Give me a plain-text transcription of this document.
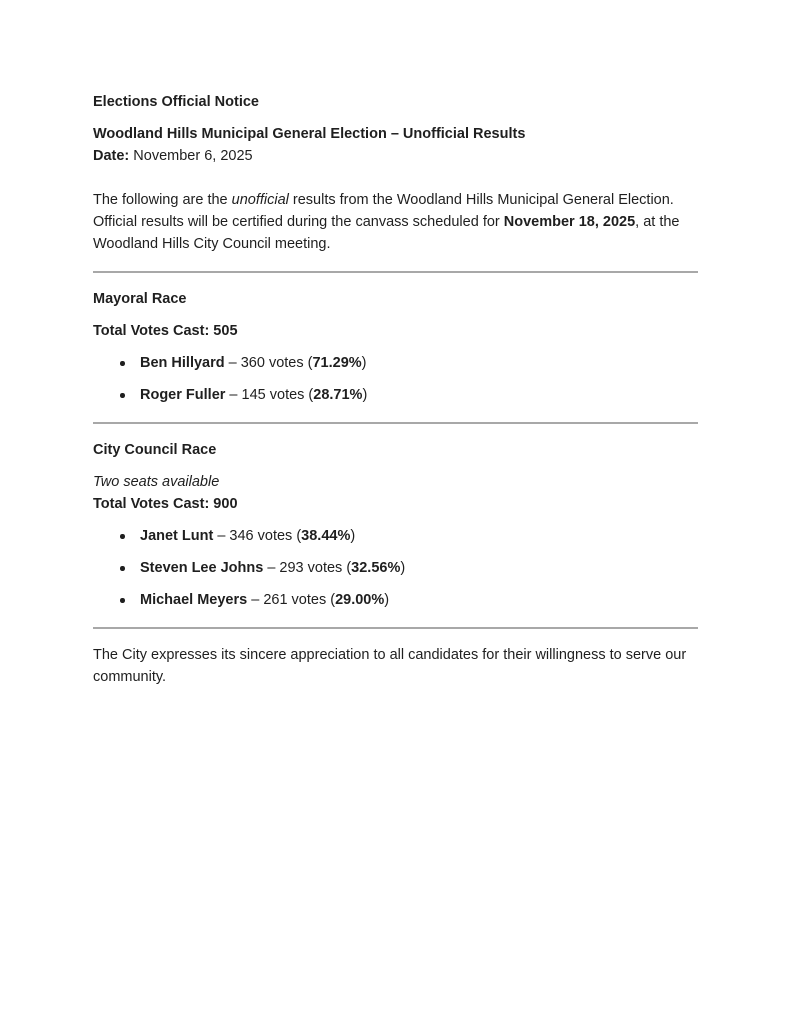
Elections Official Notice

Woodland Hills Municipal General Election – Unofficial Results
Date: November 6, 2025

The following are the unofficial results from the Woodland Hills Municipal General Election. Official results will be certified during the canvass scheduled for November 18, 2025, at the Woodland Hills City Council meeting.

Mayoral Race

Total Votes Cast: 505

Ben Hillyard – 360 votes (71.29%)
Roger Fuller – 145 votes (28.71%)

City Council Race

Two seats available
Total Votes Cast: 900

Janet Lunt – 346 votes (38.44%)
Steven Lee Johns – 293 votes (32.56%)
Michael Meyers – 261 votes (29.00%)

The City expresses its sincere appreciation to all candidates for their willingness to serve our community.
